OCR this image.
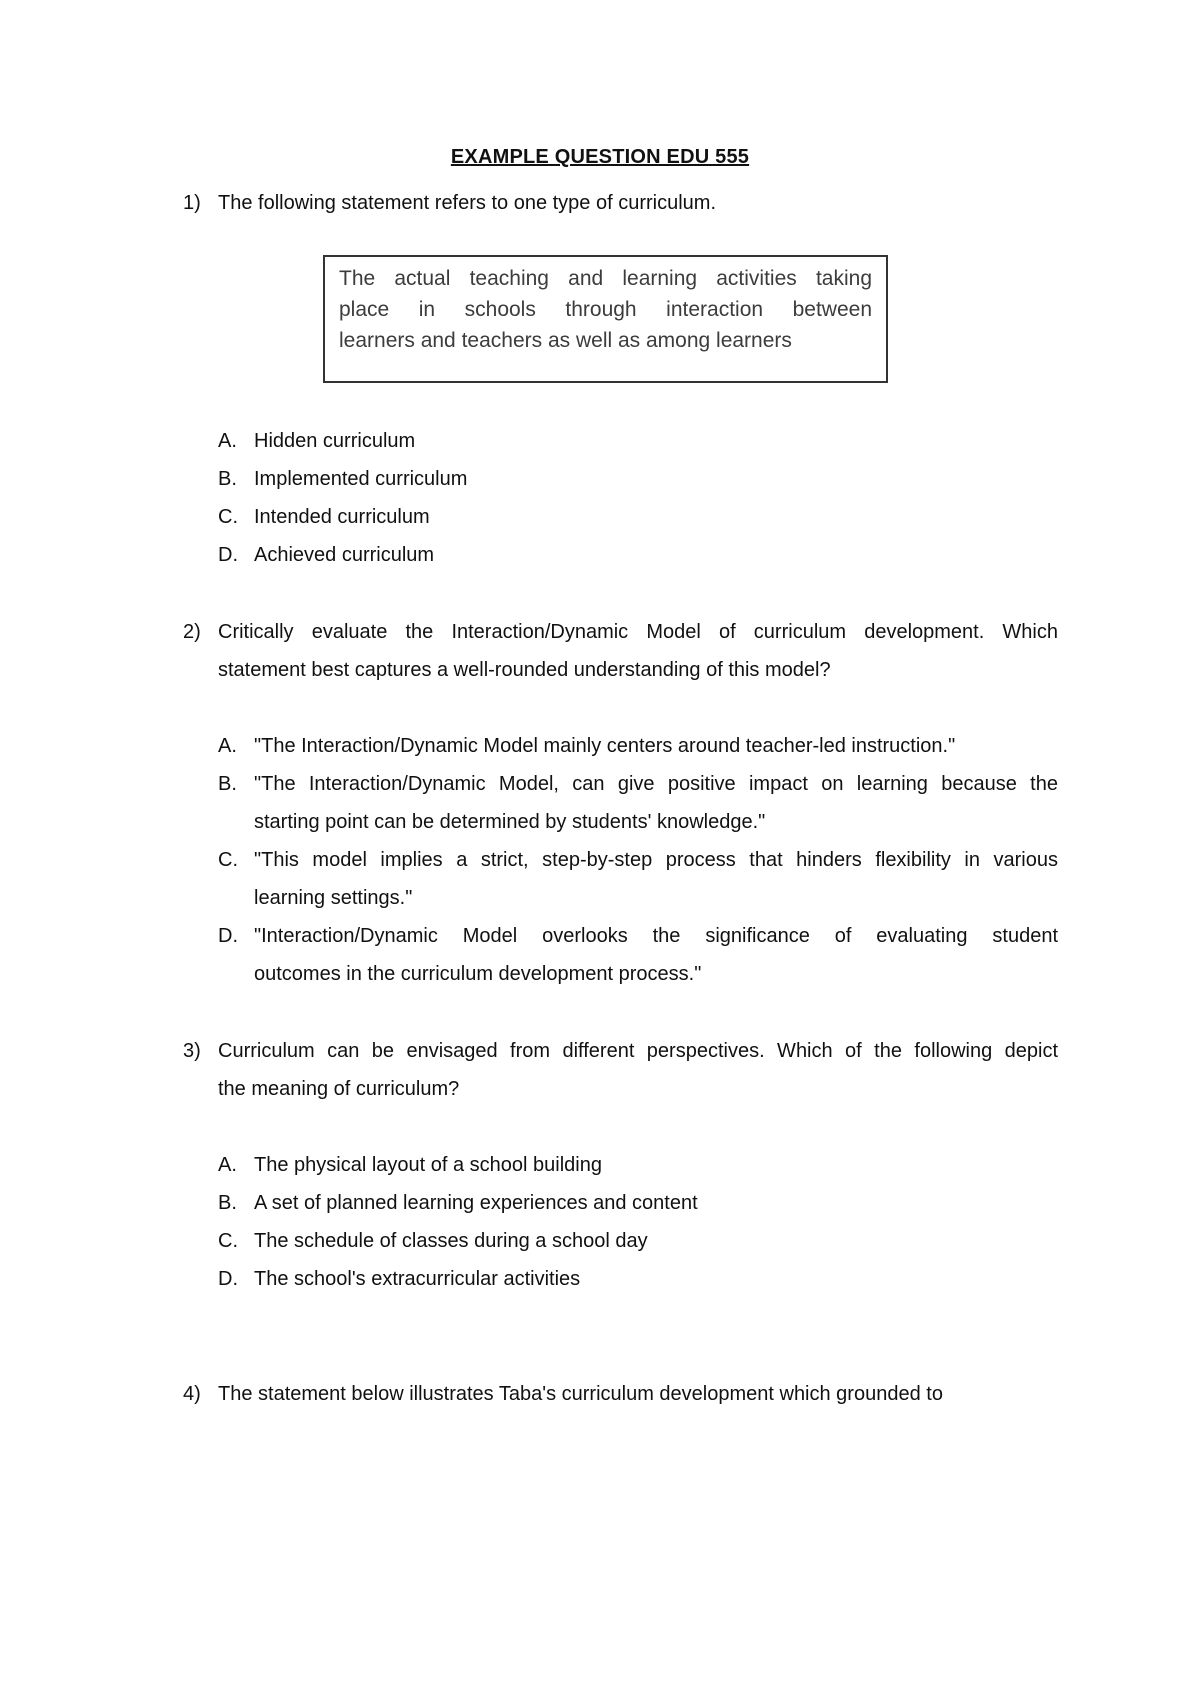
EXAMPLE QUESTION EDU 555
1) The following statement refers to one type of curriculum.
The actual teaching and learning activities taking
place in schools through interaction between
learners and teachers as well as among learners
A. Hidden curriculum
B. Implemented curriculum
C. Intended curriculum
D. Achieved curriculum
2) Critically evaluate the Interaction/Dynamic Model of curriculum development. Which
statement best captures a well-rounded understanding of this model?
A. "The Interaction/Dynamic Model mainly centers around teacher-led instruction."
B. "The Interaction/Dynamic Model, can give positive impact on learning because the
starting point can be determined by students' knowledge."
C. "This model implies a strict, step-by-step process that hinders flexibility in various
learning settings."
D. "Interaction/Dynamic Model overlooks the significance of evaluating student
outcomes in the curriculum development process."
3) Curriculum can be envisaged from different perspectives. Which of the following depict
the meaning of curriculum?
A. The physical layout of a school building
B. A set of planned learning experiences and content
C. The schedule of classes during a school day
D. The school's extracurricular activities
4) The statement below illustrates Taba's curriculum development which grounded to
